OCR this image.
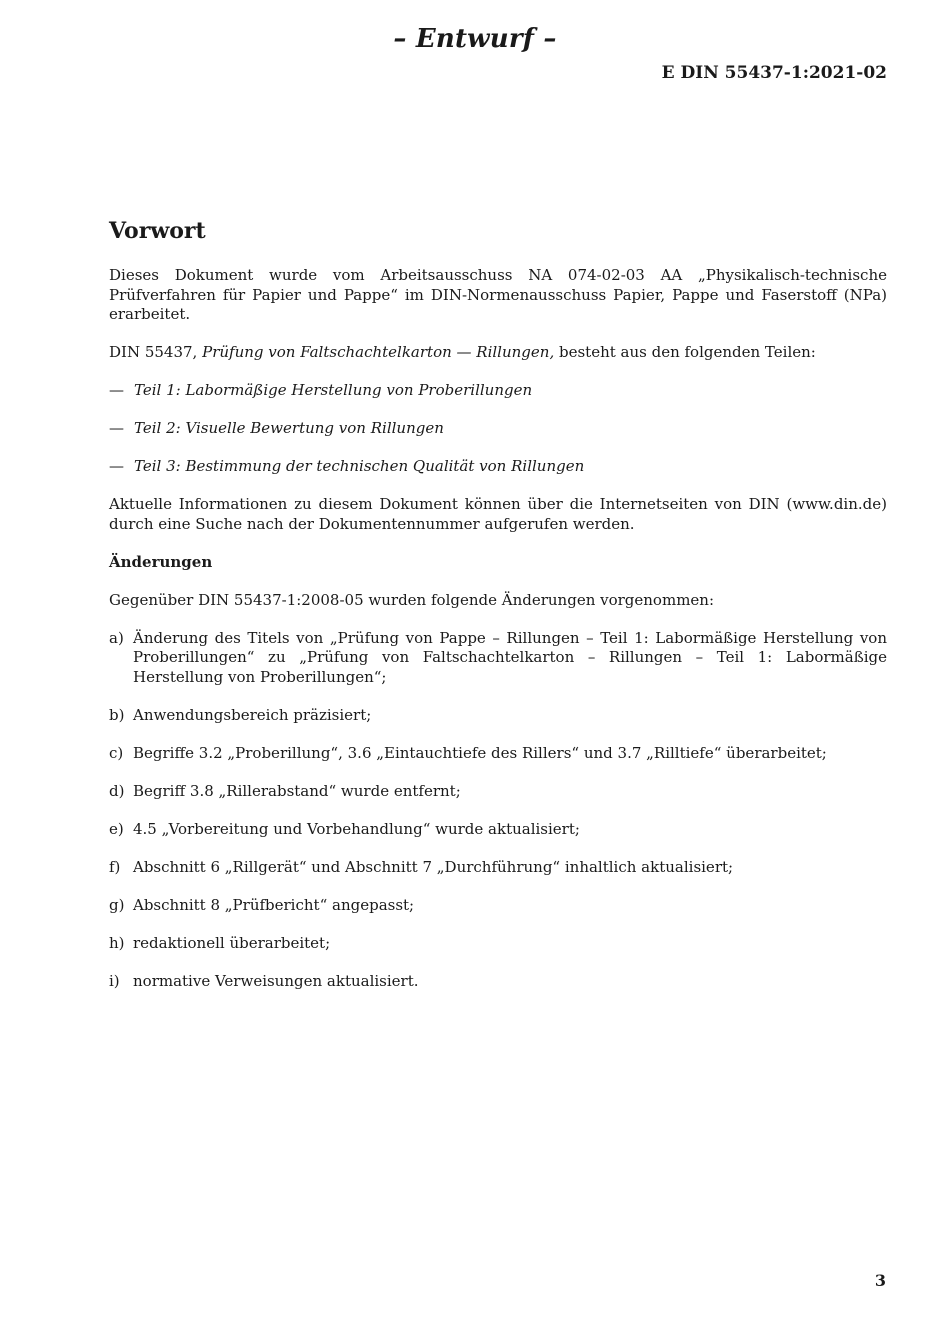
– Entwurf –
E DIN 55437-1:2021-02
Vorwort

Dieses Dokument wurde vom Arbeitsausschuss NA 074-02-03 AA „Physikalisch-technische Prüfverfahren für Papier und Pappe“ im DIN-Normenausschuss Papier, Pappe und Faserstoff (NPa) erarbeitet.

DIN 55437, Prüfung von Faltschachtelkarton — Rillungen, besteht aus den folgenden Teilen:

— Teil 1: Labormäßige Herstellung von Proberillungen
— Teil 2: Visuelle Bewertung von Rillungen
— Teil 3: Bestimmung der technischen Qualität von Rillungen

Aktuelle Informationen zu diesem Dokument können über die Internetseiten von DIN (www.din.de) durch eine Suche nach der Dokumentennummer aufgerufen werden.

Änderungen

Gegenüber DIN 55437-1:2008-05 wurden folgende Änderungen vorgenommen:

a) Änderung des Titels von „Prüfung von Pappe – Rillungen – Teil 1: Labormäßige Herstellung von Proberillungen“ zu „Prüfung von Faltschachtelkarton – Rillungen – Teil 1: Labormäßige Herstellung von Proberillungen“;
b) Anwendungsbereich präzisiert;
c) Begriffe 3.2 „Proberillung“, 3.6 „Eintauchtiefe des Rillers“ und 3.7 „Rilltiefe“ überarbeitet;
d) Begriff 3.8 „Rillerabstand“ wurde entfernt;
e) 4.5 „Vorbereitung und Vorbehandlung“ wurde aktualisiert;
f) Abschnitt 6 „Rillgerät“ und Abschnitt 7 „Durchführung“ inhaltlich aktualisiert;
g) Abschnitt 8 „Prüfbericht“ angepasst;
h) redaktionell überarbeitet;
i) normative Verweisungen aktualisiert.
3
